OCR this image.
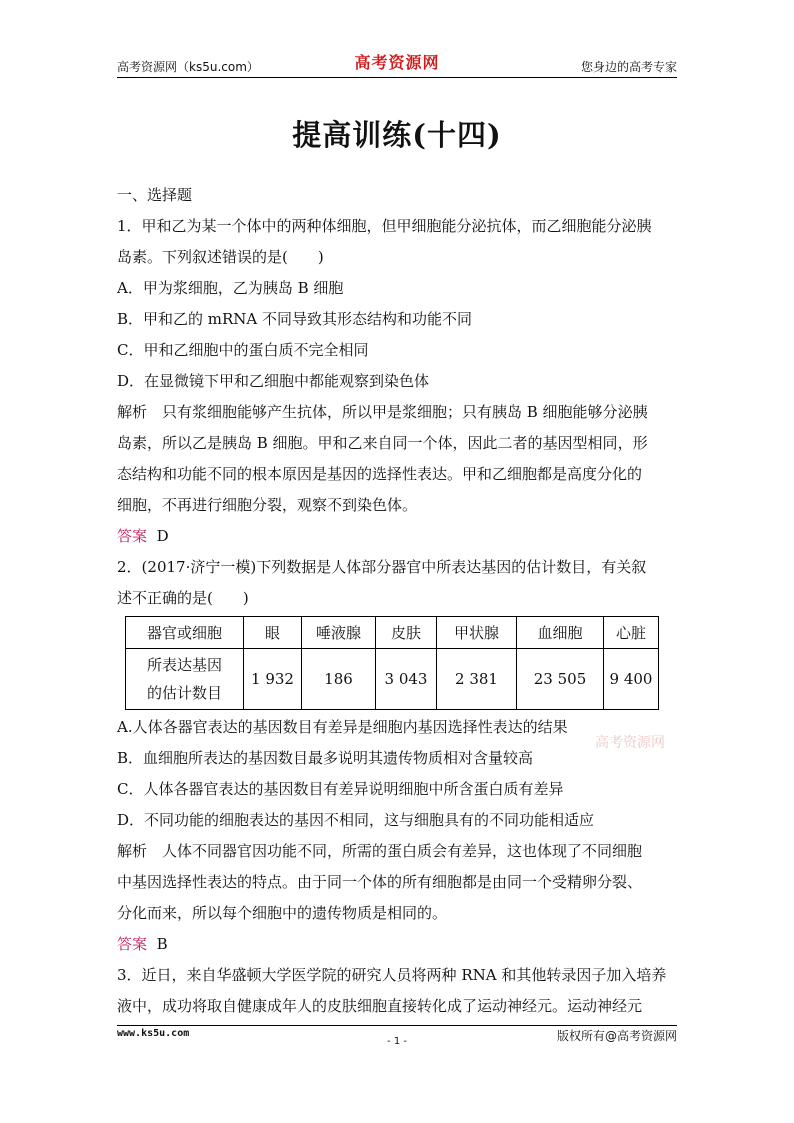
高考资源网（ks5u.com）	高考资源网	您身边的高考专家
提高训练(十四)
一、选择题
1．甲和乙为某一个体中的两种体细胞，但甲细胞能分泌抗体，而乙细胞能分泌胰
岛素。下列叙述错误的是(　　)
A．甲为浆细胞，乙为胰岛 B 细胞
B．甲和乙的 mRNA 不同导致其形态结构和功能不同
C．甲和乙细胞中的蛋白质不完全相同
D．在显微镜下甲和乙细胞中都能观察到染色体
解析　只有浆细胞能够产生抗体，所以甲是浆细胞；只有胰岛 B 细胞能够分泌胰
岛素，所以乙是胰岛 B 细胞。甲和乙来自同一个体，因此二者的基因型相同，形
态结构和功能不同的根本原因是基因的选择性表达。甲和乙细胞都是高度分化的
细胞，不再进行细胞分裂，观察不到染色体。
答案 D
2．(2017·济宁一模)下列数据是人体部分器官中所表达基因的估计数目，有关叙
述不正确的是(　　)
器官或细胞	眼	唾液腺	皮肤	甲状腺	血细胞	心脏

所表达基因
的估计数目	1 932	186	3 043	2 381	23 505	9 400
A.人体各器官表达的基因数目有差异是细胞内基因选择性表达的结果
B．血细胞所表达的基因数目最多说明其遗传物质相对含量较高
C．人体各器官表达的基因数目有差异说明细胞中所含蛋白质有差异
D．不同功能的细胞表达的基因不相同，这与细胞具有的不同功能相适应
解析　人体不同器官因功能不同，所需的蛋白质会有差异，这也体现了不同细胞
中基因选择性表达的特点。由于同一个体的所有细胞都是由同一个受精卵分裂、
分化而来，所以每个细胞中的遗传物质是相同的。
答案 B
3．近日，来自华盛顿大学医学院的研究人员将两种 RNA 和其他转录因子加入培养
液中，成功将取自健康成年人的皮肤细胞直接转化成了运动神经元。运动神经元
高考资源网
www.ks5u.com
- 1 -	版权所有@高考资源网
